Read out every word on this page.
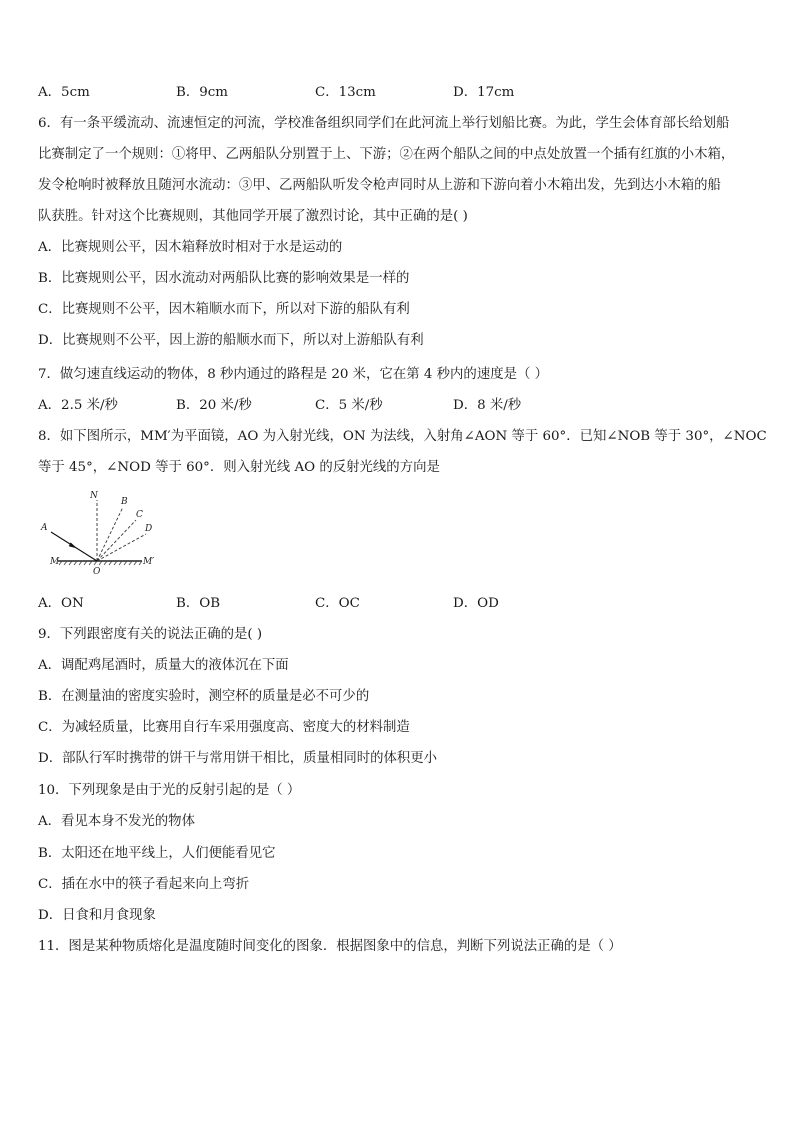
A．5cm	B．9cm	C．13cm	D．17cm
6．有一条平缓流动、流速恒定的河流，学校准备组织同学们在此河流上举行划船比赛。为此，学生会体育部长给划船
比赛制定了一个规则：①将甲、乙两船队分别置于上、下游；②在两个船队之间的中点处放置一个插有红旗的小木箱，
发令枪响时被释放且随河水流动：③甲、乙两船队听发令枪声同时从上游和下游向着小木箱出发，先到达小木箱的船
队获胜。针对这个比赛规则，其他同学开展了激烈讨论，其中正确的是( )
A．比赛规则公平，因木箱释放时相对于水是运动的
B．比赛规则公平，因水流动对两船队比赛的影响效果是一样的
C．比赛规则不公平，因木箱顺水而下，所以对下游的船队有利
D．比赛规则不公平，因上游的船顺水而下，所以对上游船队有利
7．做匀速直线运动的物体，8 秒内通过的路程是 20 米，它在第 4 秒内的速度是（ ）
A．2.5 米/秒	B．20 米/秒	C．5 米/秒	D．8 米/秒
8．如下图所示，MM′为平面镜，AO 为入射光线，ON 为法线，入射角∠AON 等于 60°．已知∠NOB 等于 30°，∠NOC
等于 45°，∠NOD 等于 60°．则入射光线 AO 的反射光线的方向是
N
B
C
D
A
M	M′
O
A．ON	B．OB	C．OC	D．OD
9．下列跟密度有关的说法正确的是( )
A．调配鸡尾酒时，质量大的液体沉在下面
B．在测量油的密度实验时，测空杯的质量是必不可少的
C．为减轻质量，比赛用自行车采用强度高、密度大的材料制造
D．部队行军时携带的饼干与常用饼干相比，质量相同时的体积更小
10．下列现象是由于光的反射引起的是（ ）
A．看见本身不发光的物体
B．太阳还在地平线上，人们便能看见它
C．插在水中的筷子看起来向上弯折
D．日食和月食现象
11．图是某种物质熔化是温度随时间变化的图象．根据图象中的信息，判断下列说法正确的是（ ）
